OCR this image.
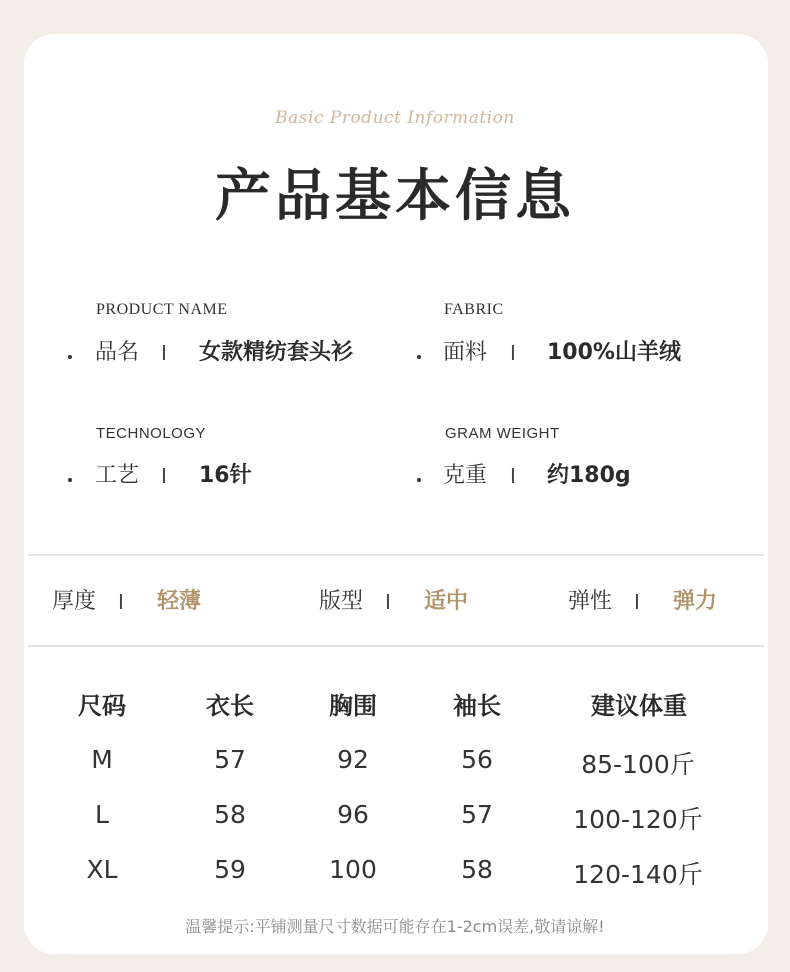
Basic Product Information
产品基本信息
PRODUCT NAME
品名 I 女款精纺套头衫
FABRIC
面料 I 100%山羊绒
TECHNOLOGY
工艺 I 16针
GRAM WEIGHT
克重 I 约180g
厚度 I 轻薄	版型 I 适中	弹性 I 弹力
尺码	衣长	胸围	袖长	建议体重
M	57	92	56	85-100斤
L	58	96	57	100-120斤
XL	59	100	58	120-140斤
温馨提示:平铺测量尺寸数据可能存在1-2cm误差,敬请谅解!
